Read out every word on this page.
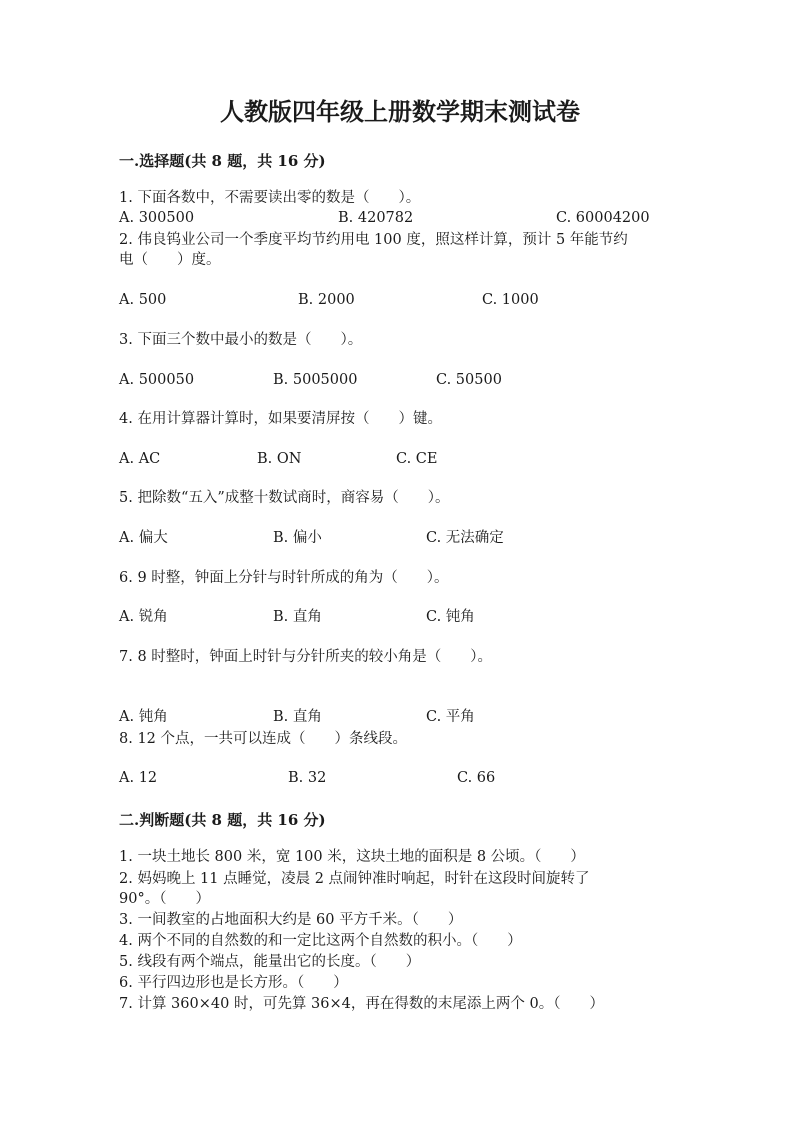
人教版四年级上册数学期末测试卷
一.选择题(共 8 题，共 16 分)
1. 下面各数中，不需要读出零的数是（　　）。
A. 300500	B. 420782	C. 60004200
2. 伟良钨业公司一个季度平均节约用电 100 度，照这样计算，预计 5 年能节约
电（　　）度。
A. 500	B. 2000	C. 1000
3. 下面三个数中最小的数是（　　）。
A. 500050	B. 5005000	C. 50500
4. 在用计算器计算时，如果要清屏按（　　）键。
A. AC	B. ON	C. CE
5. 把除数“五入”成整十数试商时，商容易（　　）。
A. 偏大	B. 偏小	C. 无法确定
6. 9 时整，钟面上分针与时针所成的角为（　　）。
A. 锐角	B. 直角	C. 钝角
7. 8 时整时，钟面上时针与分针所夹的较小角是（　　）。
A. 钝角	B. 直角	C. 平角
8. 12 个点，一共可以连成（　　）条线段。
A. 12	B. 32	C. 66
二.判断题(共 8 题，共 16 分)
1. 一块土地长 800 米，宽 100 米，这块土地的面积是 8 公顷。（　　）
2. 妈妈晚上 11 点睡觉，凌晨 2 点闹钟准时响起，时针在这段时间旋转了
90°。（　　）
3. 一间教室的占地面积大约是 60 平方千米。（　　）
4. 两个不同的自然数的和一定比这两个自然数的积小。（　　）
5. 线段有两个端点，能量出它的长度。（　　）
6. 平行四边形也是长方形。（　　）
7. 计算 360×40 时，可先算 36×4，再在得数的末尾添上两个 0。（　　）
